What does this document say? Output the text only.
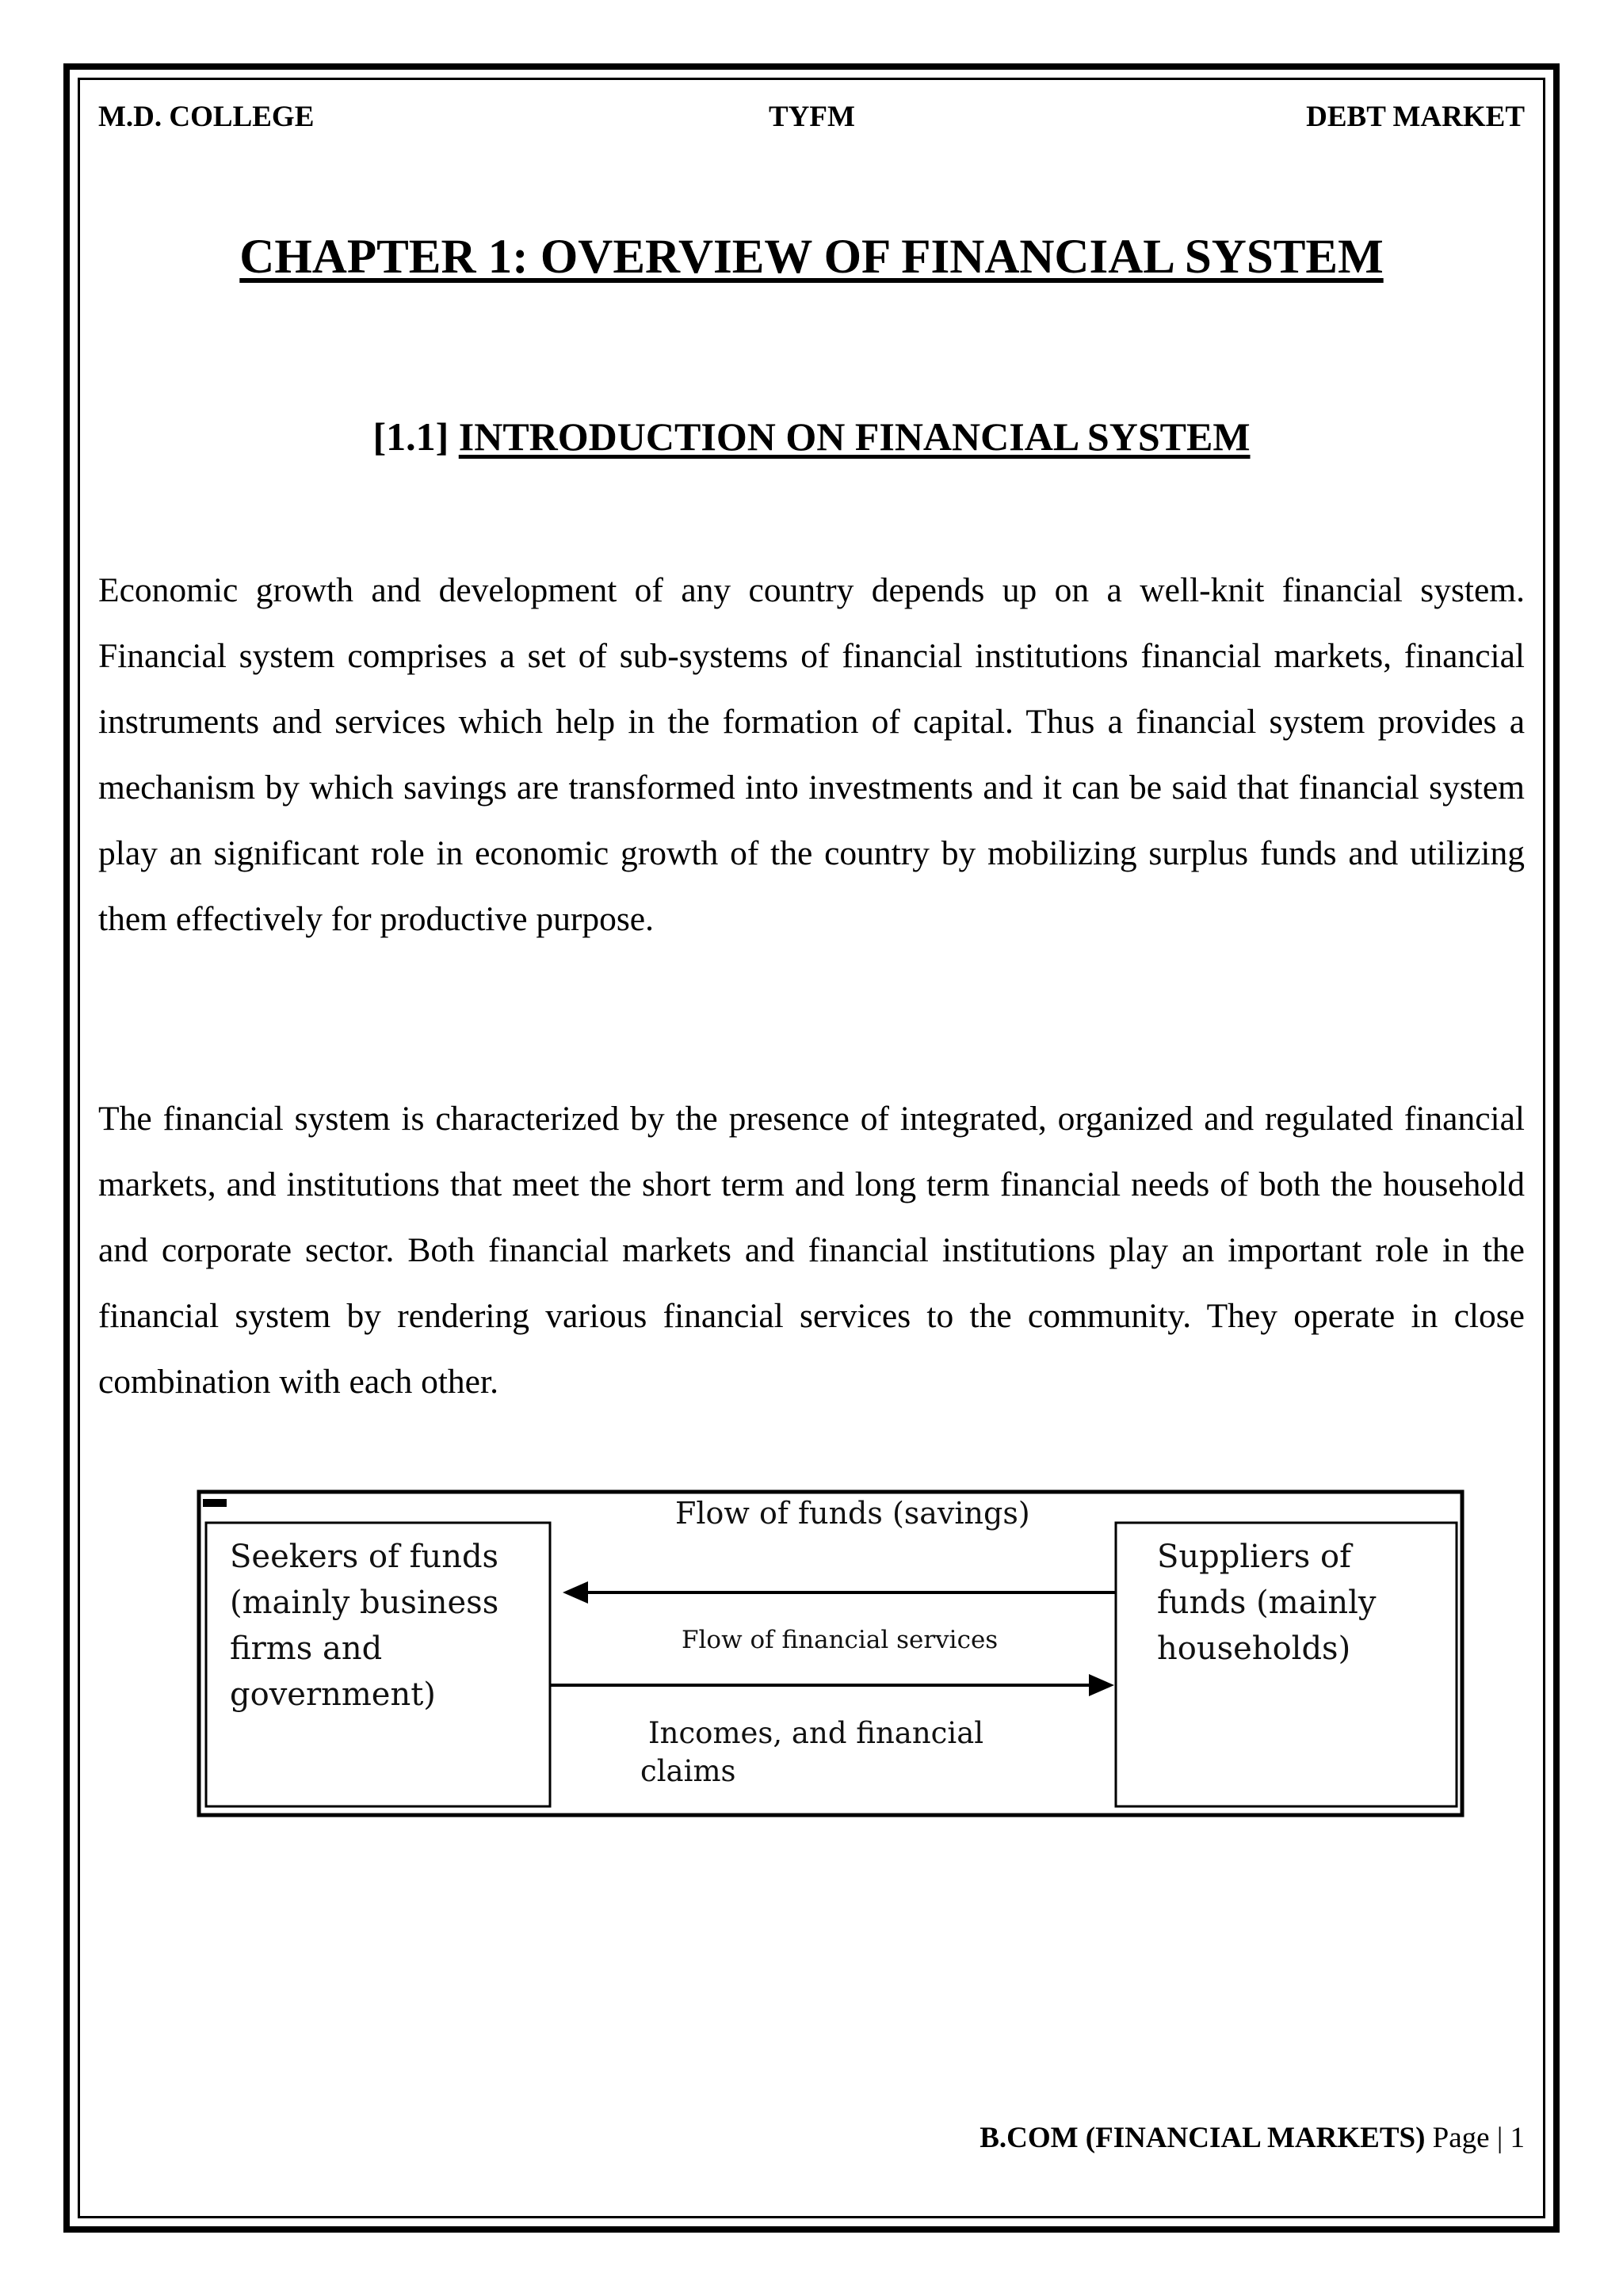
M.D. COLLEGE	TYFM	DEBT MARKET
CHAPTER 1: OVERVIEW OF FINANCIAL SYSTEM
[1.1] INTRODUCTION ON FINANCIAL SYSTEM

Economic growth and development of any country depends up on a well-knit financial system. Financial system comprises a set of sub-systems of financial institutions financial markets, financial instruments and services which help in the formation of capital. Thus a financial system provides a mechanism by which savings are transformed into investments and it can be said that financial system play an significant role in economic growth of the country by mobilizing surplus funds and utilizing them effectively for productive purpose.

The financial system is characterized by the presence of integrated, organized and regulated financial markets, and institutions that meet the short term and long term financial needs of both the household and corporate sector. Both financial markets and financial institutions play an important role in the financial system by rendering various financial services to the community. They operate in close combination with each other.

Flow of funds (savings)
Flow of financial services
Incomes, and financial
claims
Seekers of funds
(mainly business
firms and
government)
Suppliers of
funds (mainly
households)
B.COM (FINANCIAL MARKETS) Page | 1
